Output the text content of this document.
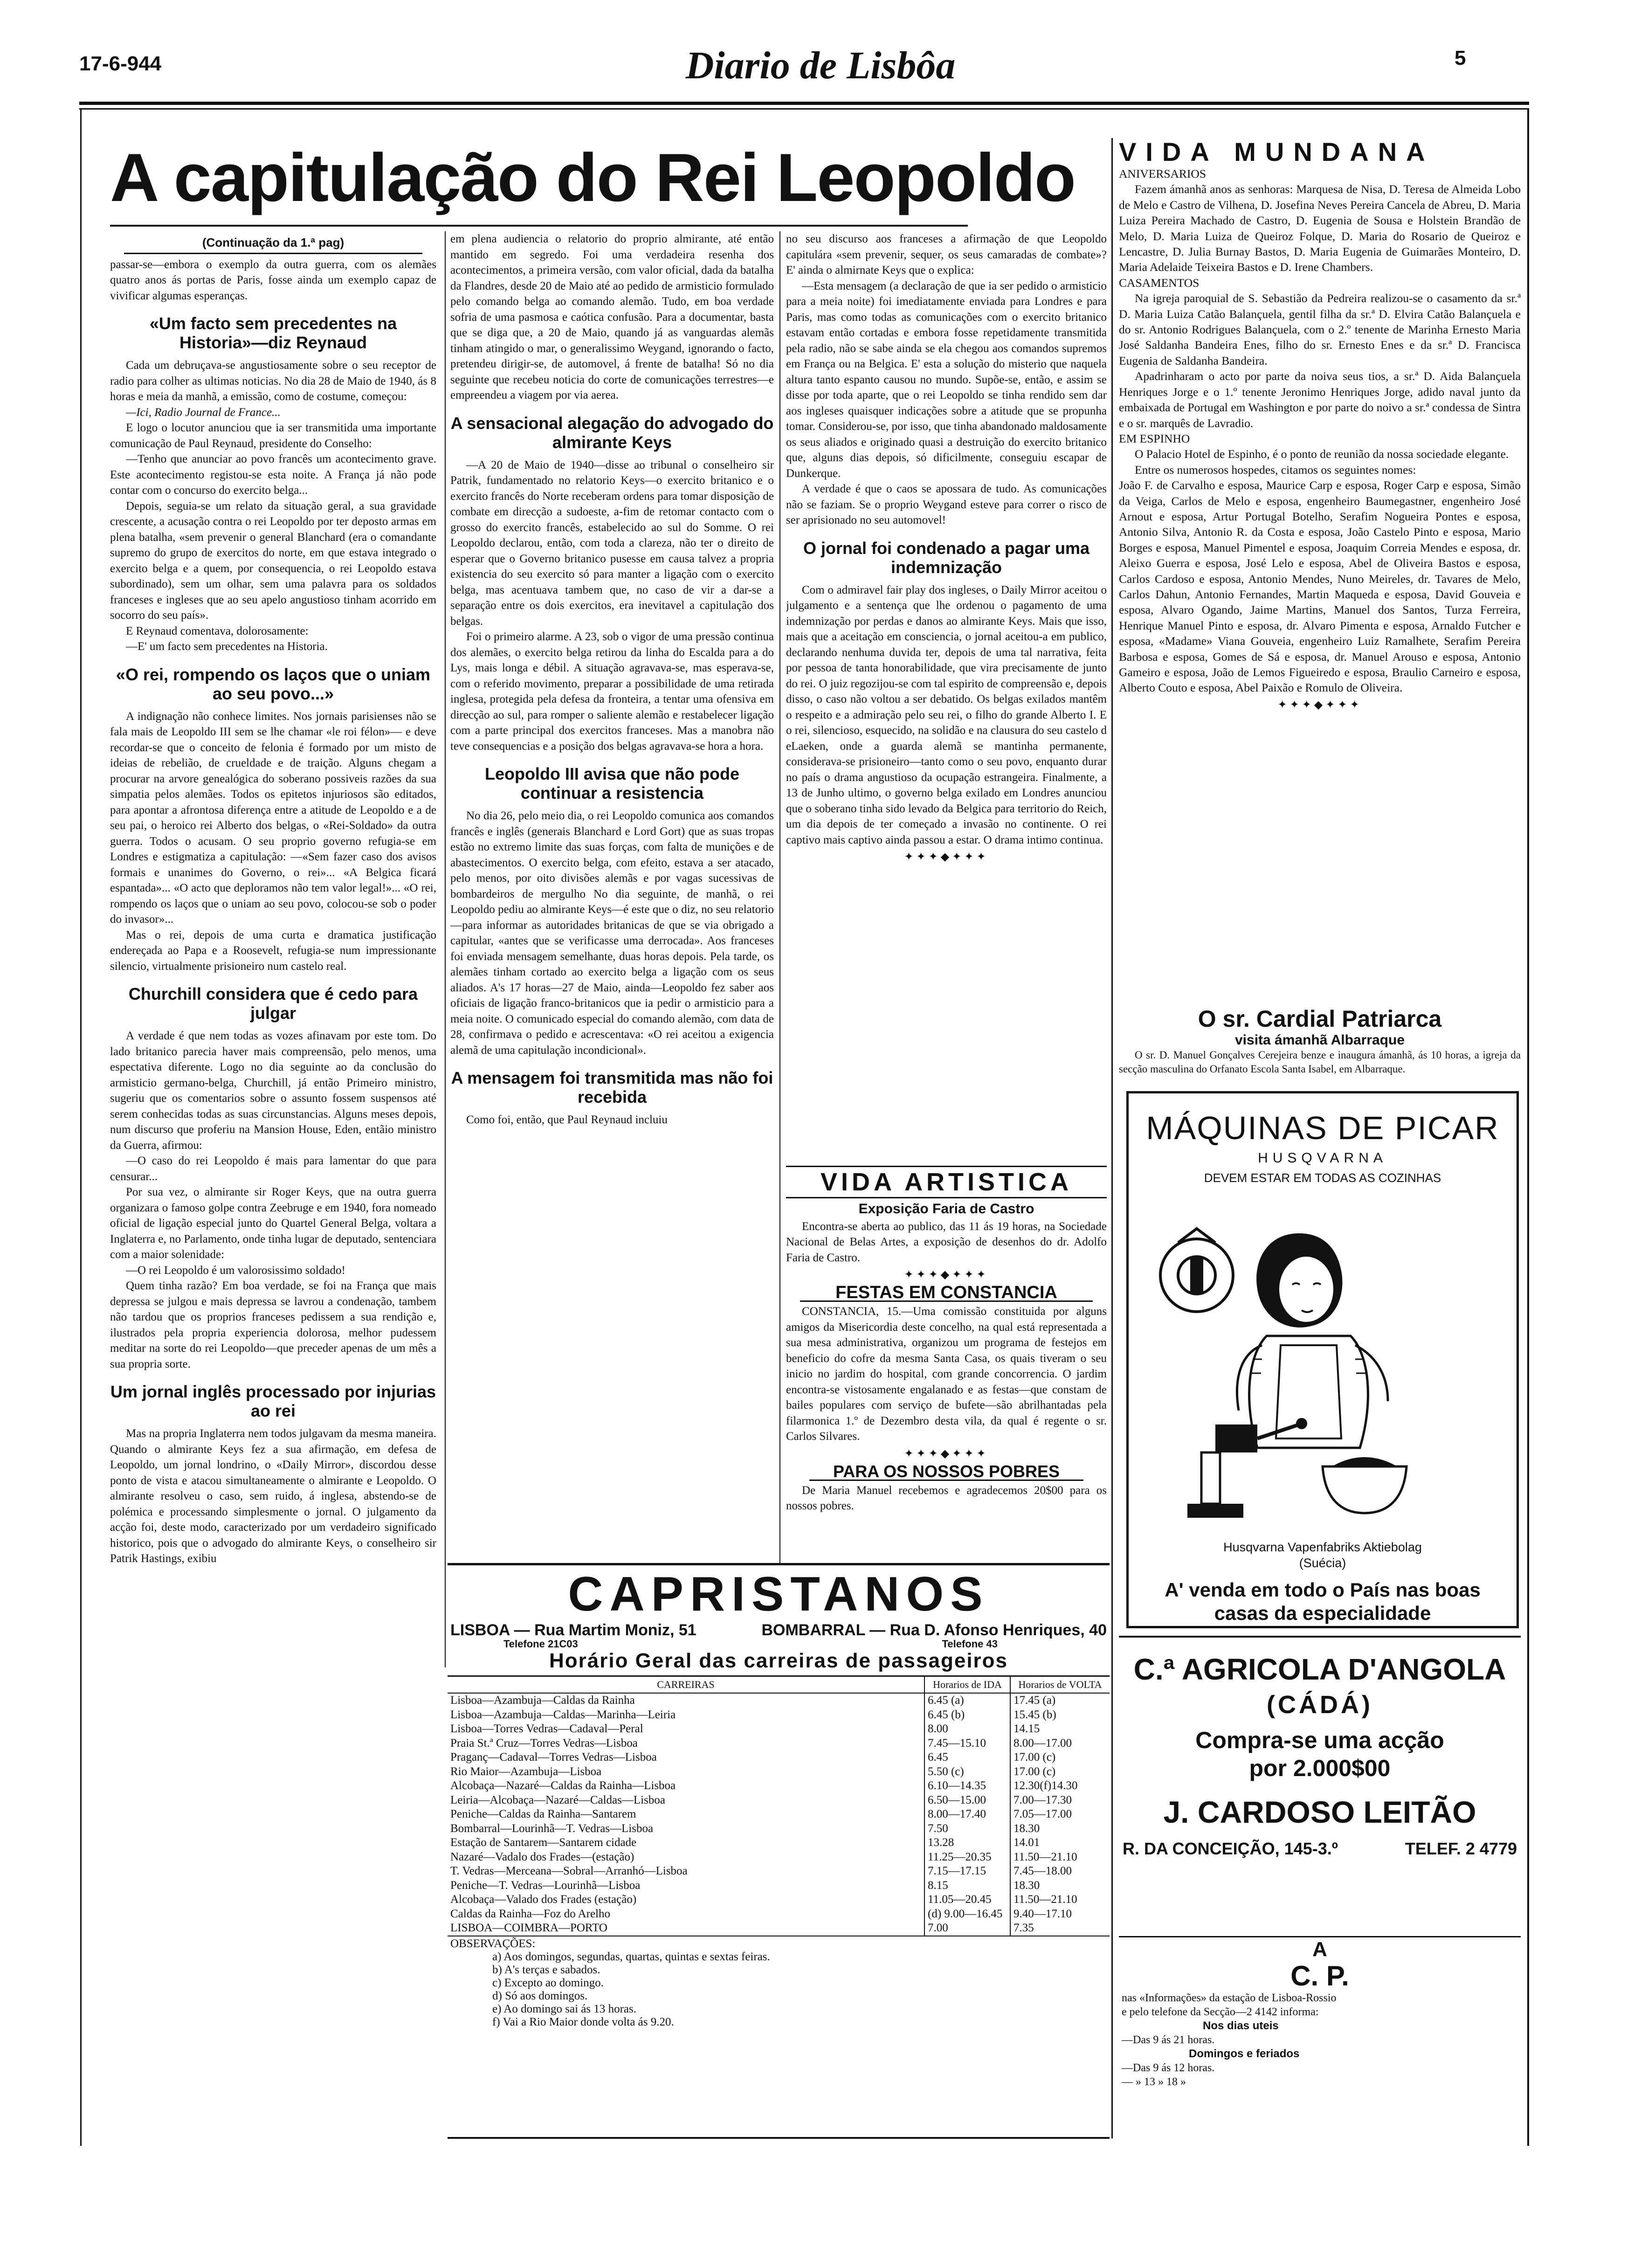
17-6-944	Diario de Lisbôa	5
A capitulação do Rei Leopoldo
(Continuação da 1.ª pag)

passar-se—embora o exemplo da outra guerra, com os alemães quatro anos ás portas de Paris, fosse ainda um exemplo capaz de vivificar algumas esperanças.

«Um facto sem precedentes na Historia»—diz Reynaud

Cada um debruçava-se angustiosamente sobre o seu receptor de radio para colher as ultimas noticias. No dia 28 de Maio de 1940, ás 8 horas e meia da manhã, a emissão, como de costume, começou:

—Ici, Radio Journal de France...

E logo o locutor anunciou que ia ser transmitida uma importante comunicação de Paul Reynaud, presidente do Conselho:

—Tenho que anunciar ao povo francês um acontecimento grave. Este acontecimento registou-se esta noite. A França já não pode contar com o concurso do exercito belga...

Depois, seguia-se um relato da situação geral, a sua gravidade crescente, a acusação contra o rei Leopoldo por ter deposto armas em plena batalha, «sem prevenir o general Blanchard (era o comandante supremo do grupo de exercitos do norte, em que estava integrado o exercito belga e a quem, por consequencia, o rei Leopoldo estava subordinado), sem um olhar, sem uma palavra para os soldados franceses e ingleses que ao seu apelo angustioso tinham acorrido em socorro do seu país».

E Reynaud comentava, dolorosamente:

—E' um facto sem precedentes na Historia.

«O rei, rompendo os laços que o uniam ao seu povo...»

A indignação não conhece limites. Nos jornais parisienses não se fala mais de Leopoldo III sem se lhe chamar «le roi félon»— e deve recordar-se que o conceito de felonia é formado por um misto de ideias de rebelião, de crueldade e de traição. Alguns chegam a procurar na arvore genealógica do soberano possiveis razões da sua simpatia pelos alemães. Todos os epitetos injuriosos são editados, para apontar a afrontosa diferença entre a atitude de Leopoldo e a de seu pai, o heroico rei Alberto dos belgas, o «Rei-Soldado» da outra guerra. Todos o acusam. O seu proprio governo refugia-se em Londres e estigmatiza a capitulação: —«Sem fazer caso dos avisos formais e unanimes do Governo, o rei»... «A Belgica ficará espantada»... «O acto que deploramos não tem valor legal!»... «O rei, rompendo os laços que o uniam ao seu povo, colocou-se sob o poder do invasor»...

Mas o rei, depois de uma curta e dramatica justificação endereçada ao Papa e a Roosevelt, refugia-se num impressionante silencio, virtualmente prisioneiro num castelo real.

Churchill considera que é cedo para julgar

A verdade é que nem todas as vozes afinavam por este tom. Do lado britanico parecia haver mais compreensão, pelo menos, uma espectativa diferente. Logo no dia seguinte ao da conclusão do armisticio germano-belga, Churchill, já então Primeiro ministro, sugeriu que os comentarios sobre o assunto fossem suspensos até serem conhecidas todas as suas circunstancias. Alguns meses depois, num discurso que proferiu na Mansion House, Eden, entãio ministro da Guerra, afirmou:

—O caso do rei Leopoldo é mais para lamentar do que para censurar...

Por sua vez, o almirante sir Roger Keys, que na outra guerra organizara o famoso golpe contra Zeebruge e em 1940, fora nomeado oficial de ligação especial junto do Quartel General Belga, voltara a Inglaterra e, no Parlamento, onde tinha lugar de deputado, sentenciara com a maior solenidade:

—O rei Leopoldo é um valorosissimo soldado!

Quem tinha razão? Em boa verdade, se foi na França que mais depressa se julgou e mais depressa se lavrou a condenação, tambem não tardou que os proprios franceses pedissem a sua rendição e, ilustrados pela propria experiencia dolorosa, melhor pudessem meditar na sorte do rei Leopoldo—que preceder apenas de um mês a sua propria sorte.

Um jornal inglês processado por injurias ao rei

Mas na propria Inglaterra nem todos julgavam da mesma maneira. Quando o almirante Keys fez a sua afirmação, em defesa de Leopoldo, um jornal londrino, o «Daily Mirror», discordou desse ponto de vista e atacou simultaneamente o almirante e Leopoldo. O almirante resolveu o caso, sem ruido, á inglesa, abstendo-se de polémica e processando simplesmente o jornal. O julgamento da acção foi, deste modo, caracterizado por um verdadeiro significado historico, pois que o advogado do almirante Keys, o conselheiro sir Patrik Hastings, exibiu

em plena audiencia o relatorio do proprio almirante, até então mantido em segredo. Foi uma verdadeira resenha dos acontecimentos, a primeira versão, com valor oficial, dada da batalha da Flandres, desde 20 de Maio até ao pedido de armisticio formulado pelo comando belga ao comando alemão. Tudo, em boa verdade sofria de uma pasmosa e caótica confusão. Para a documentar, basta que se diga que, a 20 de Maio, quando já as vanguardas alemãs tinham atingido o mar, o generalissimo Weygand, ignorando o facto, pretendeu dirigir-se, de automovel, á frente de batalha! Só no dia seguinte que recebeu noticia do corte de comunicações terrestres—e empreendeu a viagem por via aerea.

A sensacional alegação do advogado do almirante Keys

—A 20 de Maio de 1940—disse ao tribunal o conselheiro sir Patrik, fundamentado no relatorio Keys—o exercito britanico e o exercito francês do Norte receberam ordens para tomar disposição de combate em direcção a sudoeste, a-fim de retomar contacto com o grosso do exercito francês, estabelecido ao sul do Somme. O rei Leopoldo declarou, então, com toda a clareza, não ter o direito de esperar que o Governo britanico pusesse em causa talvez a propria existencia do seu exercito só para manter a ligação com o exercito belga, mas acentuava tambem que, no caso de vir a dar-se a separação entre os dois exercitos, era inevitavel a capitulação dos belgas.

Foi o primeiro alarme. A 23, sob o vigor de uma pressão continua dos alemães, o exercito belga retirou da linha do Escalda para a do Lys, mais longa e débil. A situação agravava-se, mas esperava-se, com o referido movimento, preparar a possibilidade de uma retirada inglesa, protegida pela defesa da fronteira, a tentar uma ofensiva em direcção ao sul, para romper o saliente alemão e restabelecer ligação com a parte principal dos exercitos franceses. Mas a manobra não teve consequencias e a posição dos belgas agravava-se hora a hora.

Leopoldo III avisa que não pode continuar a resistencia

No dia 26, pelo meio dia, o rei Leopoldo comunica aos comandos francês e inglês (generais Blanchard e Lord Gort) que as suas tropas estão no extremo limite das suas forças, com falta de munições e de abastecimentos. O exercito belga, com efeito, estava a ser atacado, pelo menos, por oito divisões alemãs e por vagas sucessivas de bombardeiros de mergulho No dia seguinte, de manhã, o rei Leopoldo pediu ao almirante Keys—é este que o diz, no seu relatorio—para informar as autoridades britanicas de que se via obrigado a capitular, «antes que se verificasse uma derrocada». Aos franceses foi enviada mensagem semelhante, duas horas depois. Pela tarde, os alemães tinham cortado ao exercito belga a ligação com os seus aliados. A's 17 horas—27 de Maio, ainda—Leopoldo fez saber aos oficiais de ligação franco-britanicos que ia pedir o armisticio para a meia noite. O comunicado especial do comando alemão, com data de 28, confirmava o pedido e acrescentava: «O rei aceitou a exigencia alemã de uma capitulação incondicional».

A mensagem foi transmitida mas não foi recebida

Como foi, então, que Paul Reynaud incluiu

no seu discurso aos franceses a afirmação de que Leopoldo capitulára «sem prevenir, sequer, os seus camaradas de combate»? E' ainda o almirnate Keys que o explica:

—Esta mensagem (a declaração de que ia ser pedido o armisticio para a meia noite) foi imediatamente enviada para Londres e para Paris, mas como todas as comunicações com o exercito britanico estavam então cortadas e embora fosse repetidamente transmitida pela radio, não se sabe ainda se ela chegou aos comandos supremos em França ou na Belgica. E' esta a solução do misterio que naquela altura tanto espanto causou no mundo. Supõe-se, então, e assim se disse por toda aparte, que o rei Leopoldo se tinha rendido sem dar aos ingleses quaisquer indicações sobre a atitude que se propunha tomar. Considerou-se, por isso, que tinha abandonado maldosamente os seus aliados e originado quasi a destruição do exercito britanico que, alguns dias depois, só dificilmente, conseguiu escapar de Dunkerque.

A verdade é que o caos se apossara de tudo. As comunicações não se faziam. Se o proprio Weygand esteve para correr o risco de ser aprisionado no seu automovel!

O jornal foi condenado a pagar uma indemnização

Com o admiravel fair play dos ingleses, o Daily Mirror aceitou o julgamento e a sentença que lhe ordenou o pagamento de uma indemnização por perdas e danos ao almirante Keys. Mais que isso, mais que a aceitação em consciencia, o jornal aceitou-a em publico, declarando nenhuma duvida ter, depois de uma tal narrativa, feita por pessoa de tanta honorabilidade, que vira precisamente de junto do rei. O juiz regozijou-se com tal espirito de compreensão e, depois disso, o caso não voltou a ser debatido. Os belgas exilados mantêm o respeito e a admiração pelo seu rei, o filho do grande Alberto I. E o rei, silencioso, esquecido, na solidão e na clausura do seu castelo d eLaeken, onde a guarda alemã se mantinha permanente, considerava-se prisioneiro—tanto como o seu povo, enquanto durar no país o drama angustioso da ocupação estrangeira. Finalmente, a 13 de Junho ultimo, o governo belga exilado em Londres anunciou que o soberano tinha sido levado da Belgica para territorio do Reich, um dia depois de ter começado a invasão no continente. O rei captivo mais captivo ainda passou a estar. O drama intimo continua.

✦✦✦◆✦✦✦
VIDA ARTISTICA
Exposição Faria de Castro

Encontra-se aberta ao publico, das 11 ás 19 horas, na Sociedade Nacional de Belas Artes, a exposição de desenhos do dr. Adolfo Faria de Castro.

✦✦✦◆✦✦✦
FESTAS EM CONSTANCIA

CONSTANCIA, 15.—Uma comissão constituida por alguns amigos da Misericordia deste concelho, na qual está representada a sua mesa administrativa, organizou um programa de festejos em beneficio do cofre da mesma Santa Casa, os quais tiveram o seu inicio no jardim do hospital, com grande concorrencia. O jardim encontra-se vistosamente engalanado e as festas—que constam de bailes populares com serviço de bufete—são abrilhantadas pela filarmonica 1.º de Dezembro desta vila, da qual é regente o sr. Carlos Silvares.

✦✦✦◆✦✦✦
PARA OS NOSSOS POBRES

De Maria Manuel recebemos e agradecemos 20$00 para os nossos pobres.

CAPRISTANOS
LISBOA — Rua Martim Moniz, 51	BOMBARRAL — Rua D. Afonso Henriques, 40
Telefone 21C03	Telefone 43
Horário Geral das carreiras de passageiros
CARREIRAS	Horarios de IDA	Horarios de VOLTA
Lisboa—Azambuja—Caldas da Rainha	6.45 (a)	17.45 (a)
Lisboa—Azambuja—Caldas—Marinha—Leiria	6.45 (b)	15.45 (b)
Lisboa—Torres Vedras—Cadaval—Peral	8.00	14.15
Praia St.ª Cruz—Torres Vedras—Lisboa	7.45—15.10	8.00—17.00
Praganç—Cadaval—Torres Vedras—Lisboa	6.45	17.00 (c)
Rio Maior—Azambuja—Lisboa	5.50 (c)	17.00 (c)
Alcobaça—Nazaré—Caldas da Rainha—Lisboa	6.10—14.35	12.30(f)14.30
Leiria—Alcobaça—Nazaré—Caldas—Lisboa	6.50—15.00	7.00—17.30
Peniche—Caldas da Rainha—Santarem	8.00—17.40	7.05—17.00
Bombarral—Lourinhã—T. Vedras—Lisboa	7.50	18.30
Estação de Santarem—Santarem cidade	13.28	14.01
Nazaré—Vadalo dos Frades—(estação)	11.25—20.35	11.50—21.10
T. Vedras—Merceana—Sobral—Arranhó—Lisboa	7.15—17.15	7.45—18.00
Peniche—T. Vedras—Lourinhã—Lisboa	8.15	18.30
Alcobaça—Valado dos Frades (estação)	11.05—20.45	11.50—21.10
Caldas da Rainha—Foz do Arelho	(d) 9.00—16.45	9.40—17.10
LISBOA—COIMBRA—PORTO	7.00	7.35
OBSERVAÇÕES:
a) Aos domingos, segundas, quartas, quintas e sextas feiras.
b) A's terças e sabados.
c) Excepto ao domingo.
d) Só aos domingos.
e) Ao domingo sai ás 13 horas.
f) Vai a Rio Maior donde volta ás 9.20.
VIDA MUNDANA
ANIVERSARIOS

Fazem ámanhã anos as senhoras: Marquesa de Nisa, D. Teresa de Almeida Lobo de Melo e Castro de Vilhena, D. Josefina Neves Pereira Cancela de Abreu, D. Maria Luiza Pereira Machado de Castro, D. Eugenia de Sousa e Holstein Brandão de Melo, D. Maria Luiza de Queiroz Folque, D. Maria do Rosario de Queiroz e Lencastre, D. Julia Burnay Bastos, D. Maria Eugenia de Guimarães Monteiro, D. Maria Adelaide Teixeira Bastos e D. Irene Chambers.

CASAMENTOS

Na igreja paroquial de S. Sebastião da Pedreira realizou-se o casamento da sr.ª D. Maria Luiza Catão Balançuela, gentil filha da sr.ª D. Elvira Catão Balançuela e do sr. Antonio Rodrigues Balançuela, com o 2.º tenente de Marinha Ernesto Maria José Saldanha Bandeira Enes, filho do sr. Ernesto Enes e da sr.ª D. Francisca Eugenia de Saldanha Bandeira.

Apadrinharam o acto por parte da noiva seus tios, a sr.ª D. Aida Balançuela Henriques Jorge e o 1.º tenente Jeronimo Henriques Jorge, adido naval junto da embaixada de Portugal em Washington e por parte do noivo a sr.ª condessa de Sintra e o sr. marquês de Lavradio.

EM ESPINHO

O Palacio Hotel de Espinho, é o ponto de reunião da nossa sociedade elegante.

Entre os numerosos hospedes, citamos os seguintes nomes:

João F. de Carvalho e esposa, Maurice Carp e esposa, Roger Carp e esposa, Simão da Veiga, Carlos de Melo e esposa, engenheiro Baumegastner, engenheiro José Arnout e esposa, Artur Portugal Botelho, Serafim Nogueira Pontes e esposa, Antonio Silva, Antonio R. da Costa e esposa, João Castelo Pinto e esposa, Mario Borges e esposa, Manuel Pimentel e esposa, Joaquim Correia Mendes e esposa, dr. Aleixo Guerra e esposa, José Lelo e esposa, Abel de Oliveira Bastos e esposa, Carlos Cardoso e esposa, Antonio Mendes, Nuno Meireles, dr. Tavares de Melo, Carlos Dahun, Antonio Fernandes, Martin Maqueda e esposa, David Gouveia e esposa, Alvaro Ogando, Jaime Martins, Manuel dos Santos, Turza Ferreira, Henrique Manuel Pinto e esposa, dr. Alvaro Pimenta e esposa, Arnaldo Futcher e esposa, «Madame» Viana Gouveia, engenheiro Luiz Ramalhete, Serafim Pereira Barbosa e esposa, Gomes de Sá e esposa, dr. Manuel Arouso e esposa, Antonio Gameiro e esposa, João de Lemos Figueiredo e esposa, Braulio Carneiro e esposa, Alberto Couto e esposa, Abel Paixão e Romulo de Oliveira.

✦✦✦◆✦✦✦
O sr. Cardial Patriarca
visita ámanhã Albarraque

O sr. D. Manuel Gonçalves Cerejeira benze e inaugura ámanhã, ás 10 horas, a igreja da secção masculina do Orfanato Escola Santa Isabel, em Albarraque.

MÁQUINAS DE PICAR
HUSQVARNA
DEVEM ESTAR EM TODAS AS COZINHAS
Husqvarna Vapenfabriks Aktiebolag
(Suécia)
A' venda em todo o País nas boas casas da especialidade
C.ª AGRICOLA D'ANGOLA
(CÁDÁ)
Compra-se uma acção
por 2.000$00
J. CARDOSO LEITÃO
R. DA CONCEIÇÃO, 145-3.º	TELEF. 2 4779
A
C. P.
nas «Informações» da estação de Lisboa-Rossio e pelo telefone da Secção—2 4142 informa:
Nos dias uteis
—Das 9 ás 21 horas.
Domingos e feriados
—Das 9 ás 12 horas.
— » 13 » 18 »
